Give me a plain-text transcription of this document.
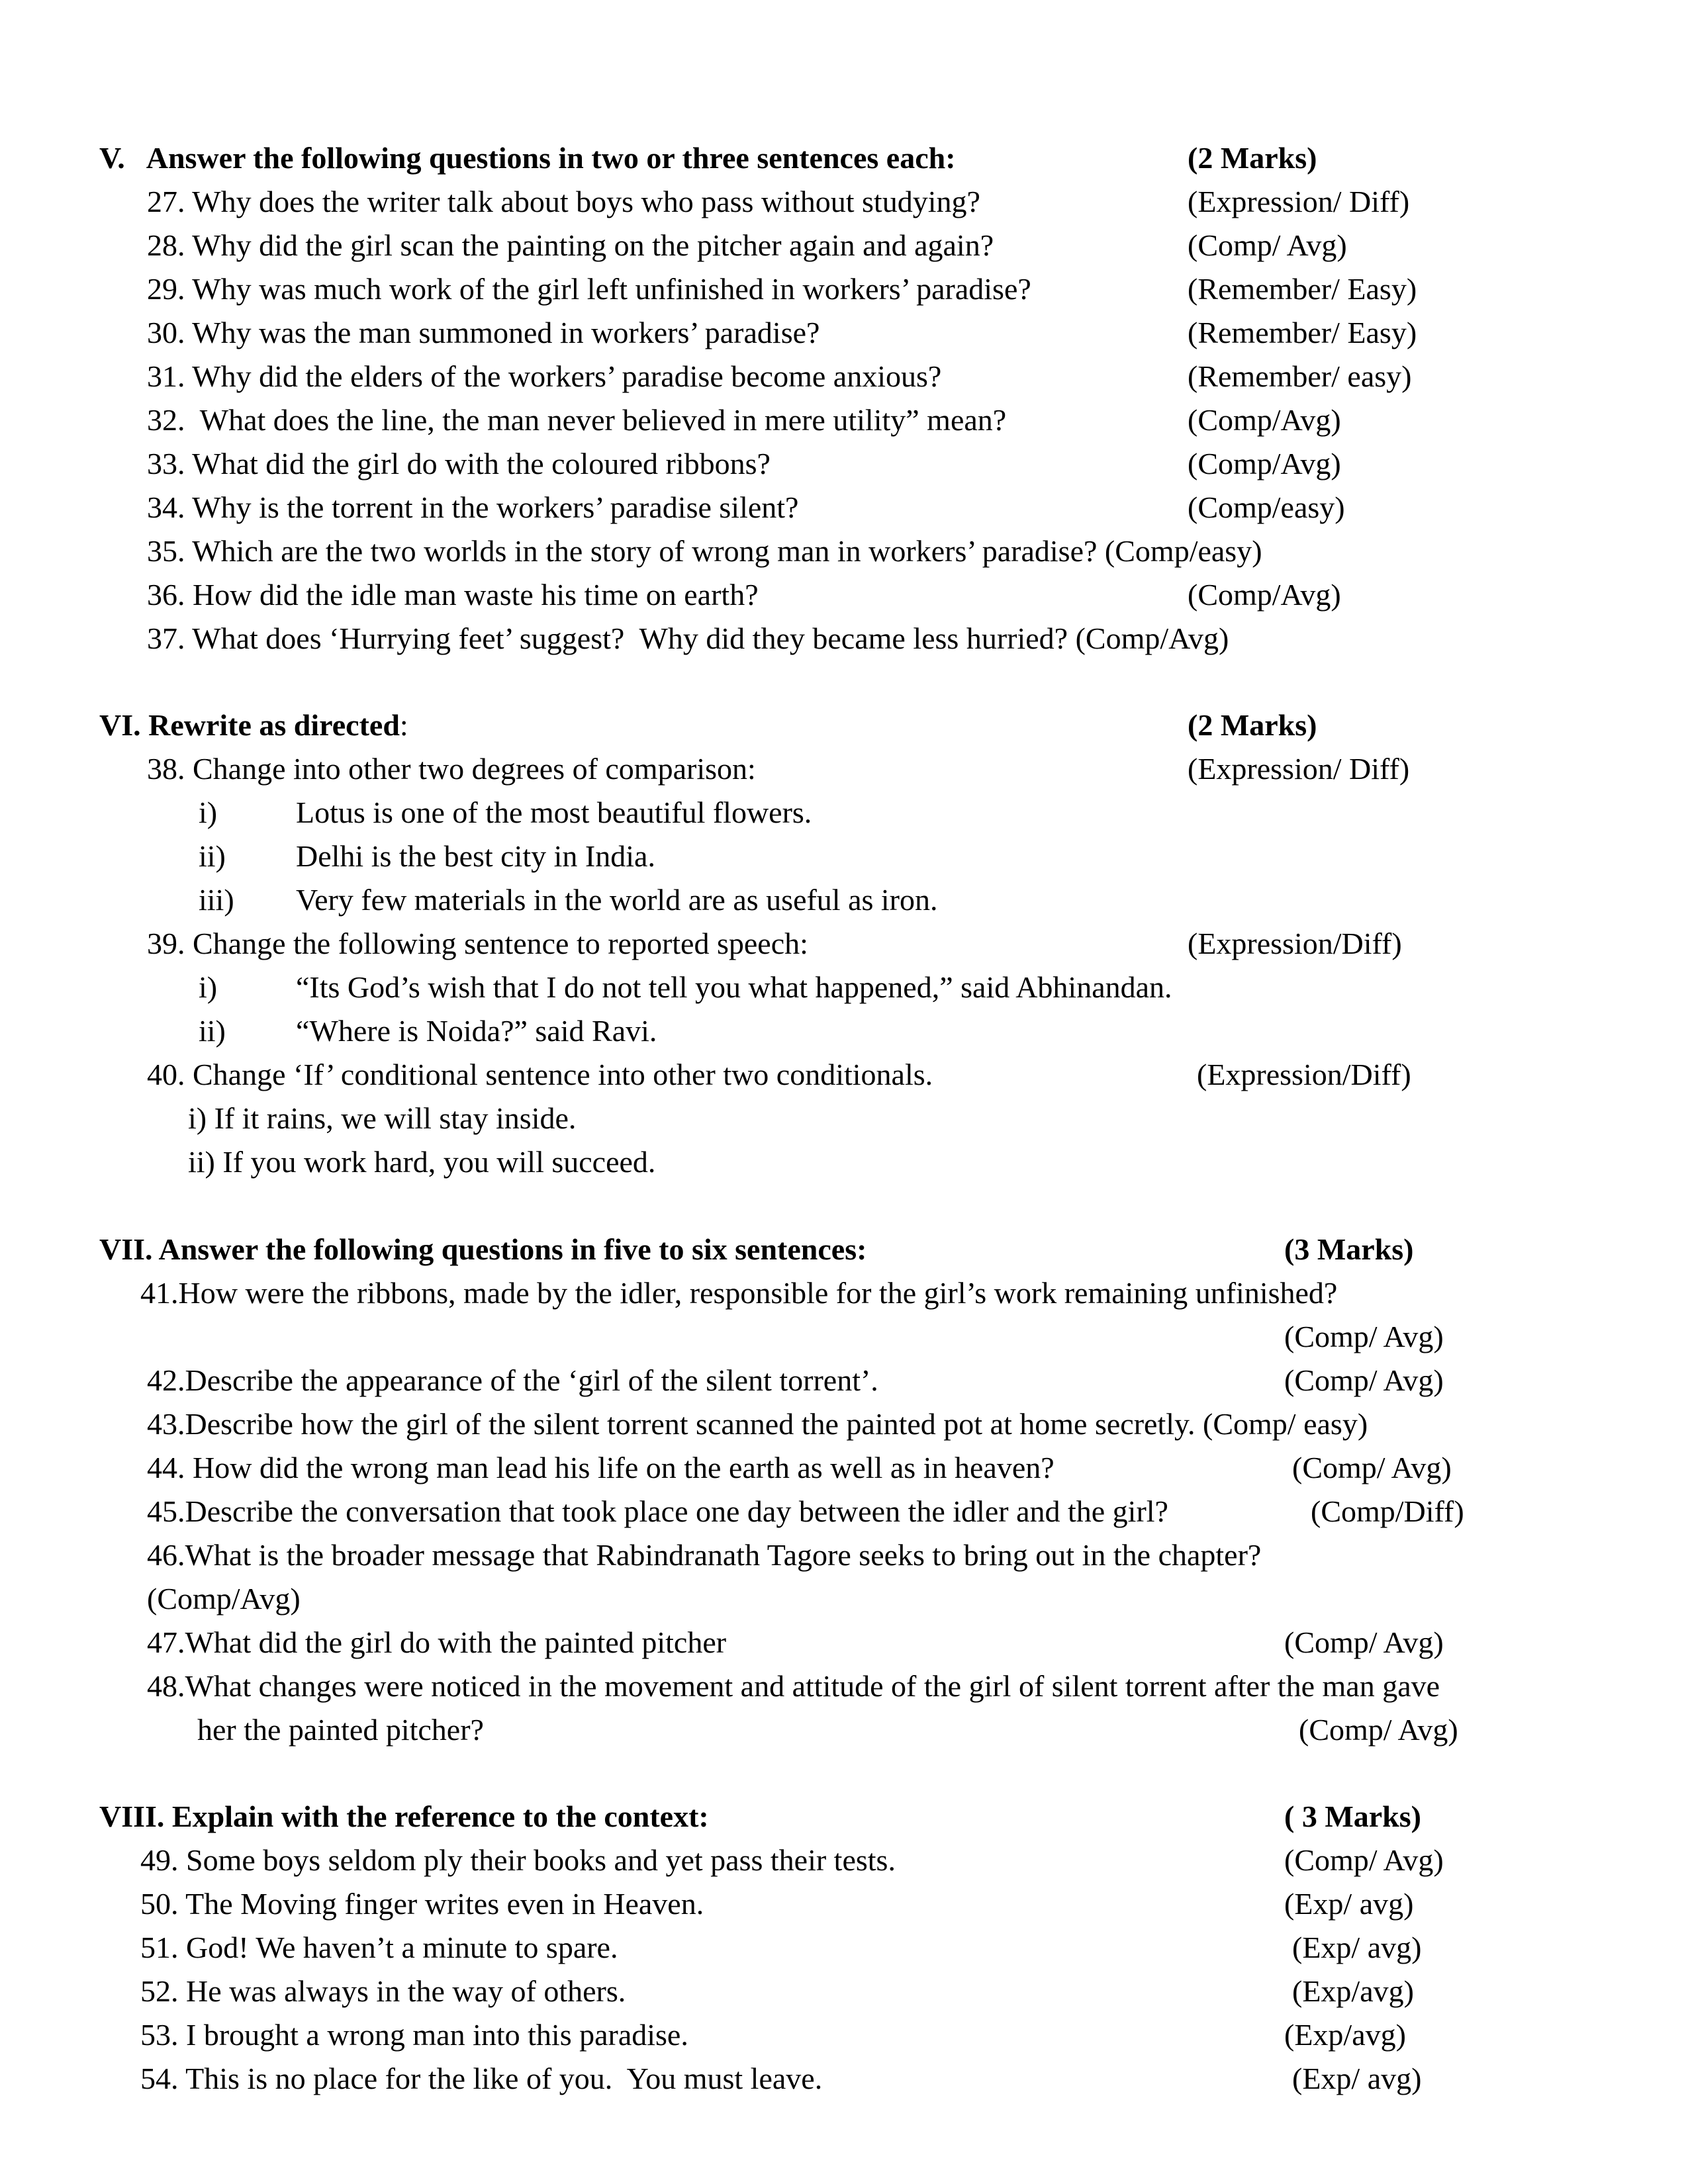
V.   Answer the following questions in two or three sentences each:	(2 Marks)
27. Why does the writer talk about boys who pass without studying?	(Expression/ Diff)
28. Why did the girl scan the painting on the pitcher again and again?	(Comp/ Avg)
29. Why was much work of the girl left unfinished in workers’ paradise?	(Remember/ Easy)
30. Why was the man summoned in workers’ paradise?	(Remember/ Easy)
31. Why did the elders of the workers’ paradise become anxious?	(Remember/ easy)
32.  What does the line, the man never believed in mere utility” mean?	(Comp/Avg)
33. What did the girl do with the coloured ribbons?	(Comp/Avg)
34. Why is the torrent in the workers’ paradise silent?	(Comp/easy)
35. Which are the two worlds in the story of wrong man in workers’ paradise? (Comp/easy)
36. How did the idle man waste his time on earth?	(Comp/Avg)
37. What does ‘Hurrying feet’ suggest?  Why did they became less hurried? (Comp/Avg)
VI. Rewrite as directed:	(2 Marks)
38. Change into other two degrees of comparison:	(Expression/ Diff)
i)	Lotus is one of the most beautiful flowers.
ii) Delhi is the best city in India.
iii) Very few materials in the world are as useful as iron.
39. Change the following sentence to reported speech:	(Expression/Diff)
i)	“Its God’s wish that I do not tell you what happened,” said Abhinandan.
ii) “Where is Noida?” said Ravi.
40. Change ‘If’ conditional sentence into other two conditionals.	(Expression/Diff)
i) If it rains, we will stay inside.
ii) If you work hard, you will succeed.
VII. Answer the following questions in five to six sentences:	(3 Marks)
41.How were the ribbons, made by the idler, responsible for the girl’s work remaining unfinished?
(Comp/ Avg)
42.Describe the appearance of the ‘girl of the silent torrent’.	(Comp/ Avg)
43.Describe how the girl of the silent torrent scanned the painted pot at home secretly. (Comp/ easy)
44. How did the wrong man lead his life on the earth as well as in heaven?	(Comp/ Avg)
45.Describe the conversation that took place one day between the idler and the girl?	(Comp/Diff)
46.What is the broader message that Rabindranath Tagore seeks to bring out in the chapter?
(Comp/Avg)
47.What did the girl do with the painted pitcher	(Comp/ Avg)
48.What changes were noticed in the movement and attitude of the girl of silent torrent after the man gave
her the painted pitcher?	(Comp/ Avg)
VIII. Explain with the reference to the context:	( 3 Marks)
49. Some boys seldom ply their books and yet pass their tests.	(Comp/ Avg)
50. The Moving finger writes even in Heaven.	(Exp/ avg)
51. God! We haven’t a minute to spare.	(Exp/ avg)
52. He was always in the way of others.	(Exp/avg)
53. I brought a wrong man into this paradise.	(Exp/avg)
54. This is no place for the like of you.  You must leave.	(Exp/ avg)
